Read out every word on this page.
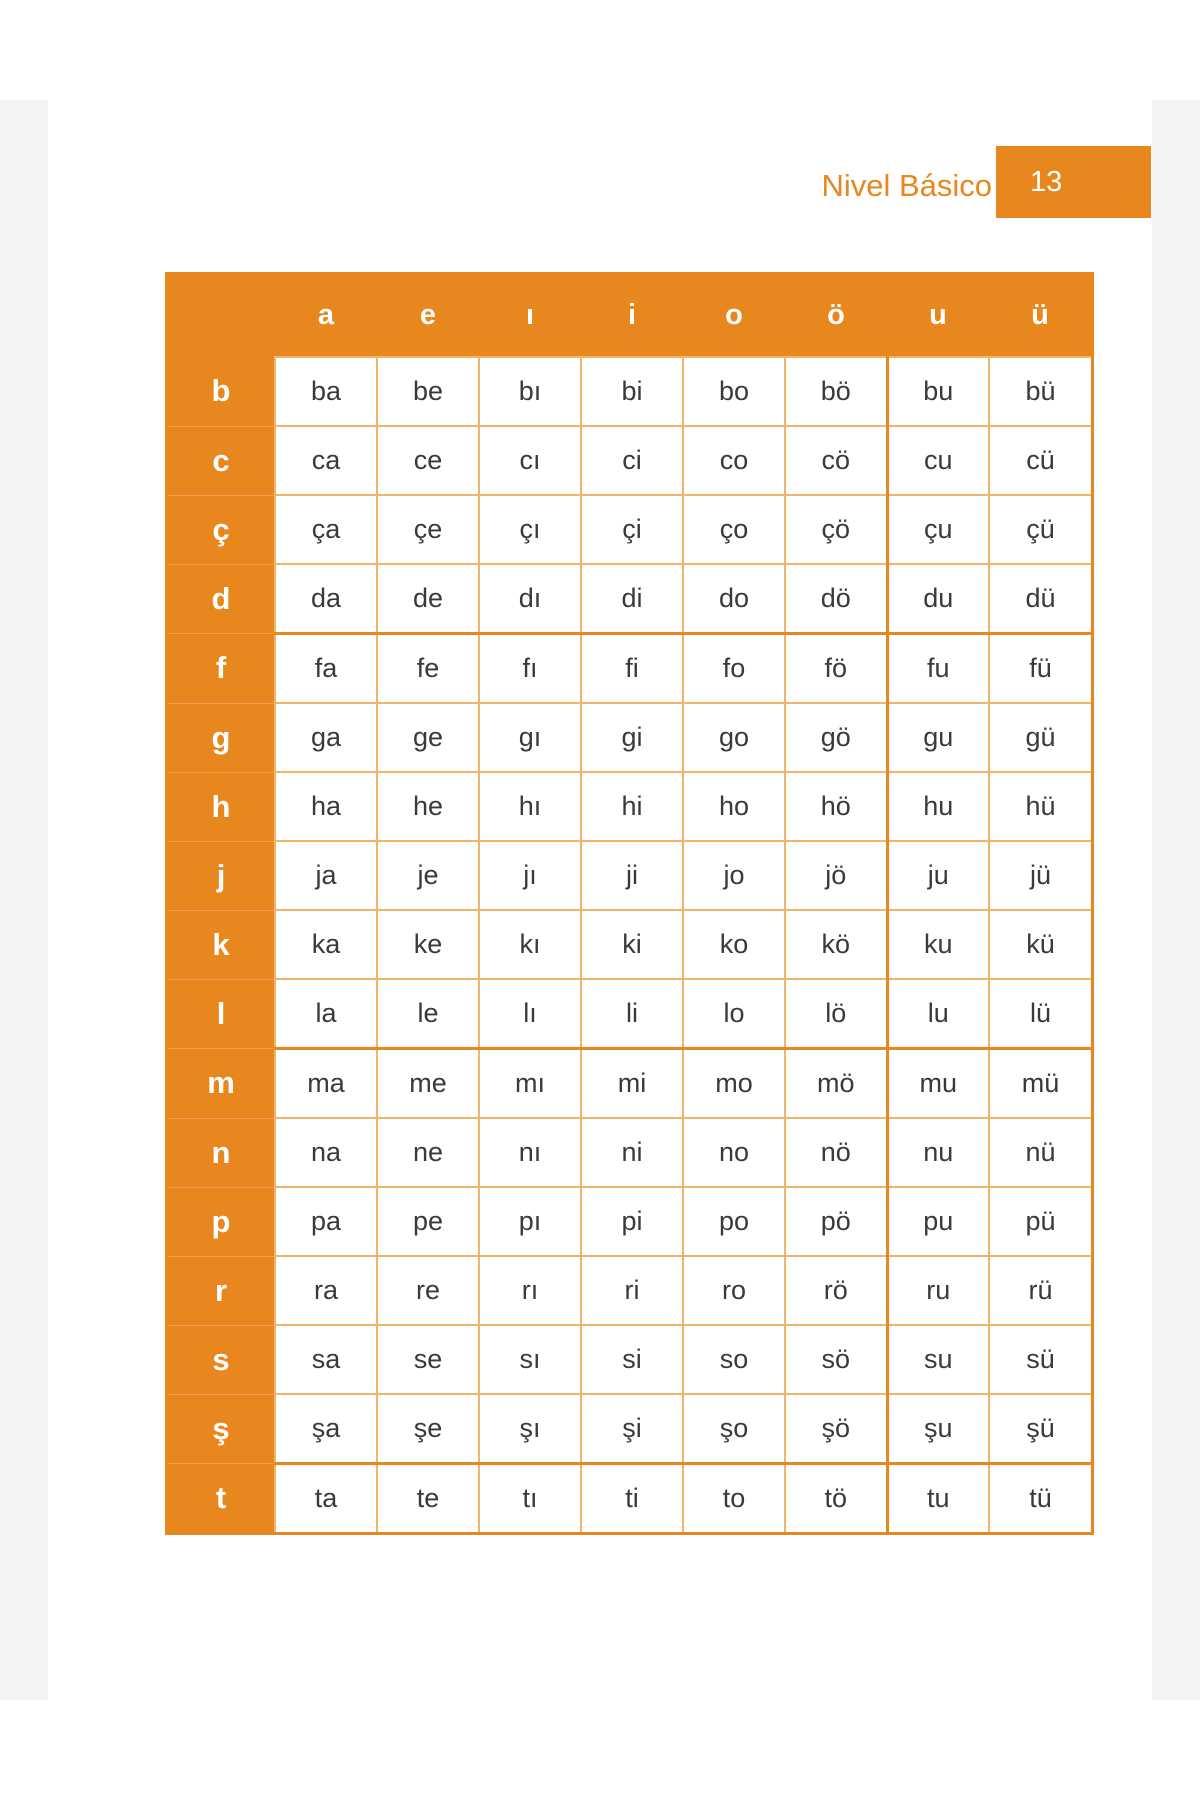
Nivel Básico	13
	a	e	ı	i	o	ö	u	ü
b	ba	be	bı	bi	bo	bö	bu	bü
c	ca	ce	cı	ci	co	cö	cu	cü
ç	ça	çe	çı	çi	ço	çö	çu	çü
d	da	de	dı	di	do	dö	du	dü
f	fa	fe	fı	fi	fo	fö	fu	fü
g	ga	ge	gı	gi	go	gö	gu	gü
h	ha	he	hı	hi	ho	hö	hu	hü
j	ja	je	jı	ji	jo	jö	ju	jü
k	ka	ke	kı	ki	ko	kö	ku	kü
l	la	le	lı	li	lo	lö	lu	lü
m	ma	me	mı	mi	mo	mö	mu	mü
n	na	ne	nı	ni	no	nö	nu	nü
p	pa	pe	pı	pi	po	pö	pu	pü
r	ra	re	rı	ri	ro	rö	ru	rü
s	sa	se	sı	si	so	sö	su	sü
ş	şa	şe	şı	şi	şo	şö	şu	şü
t	ta	te	tı	ti	to	tö	tu	tü
